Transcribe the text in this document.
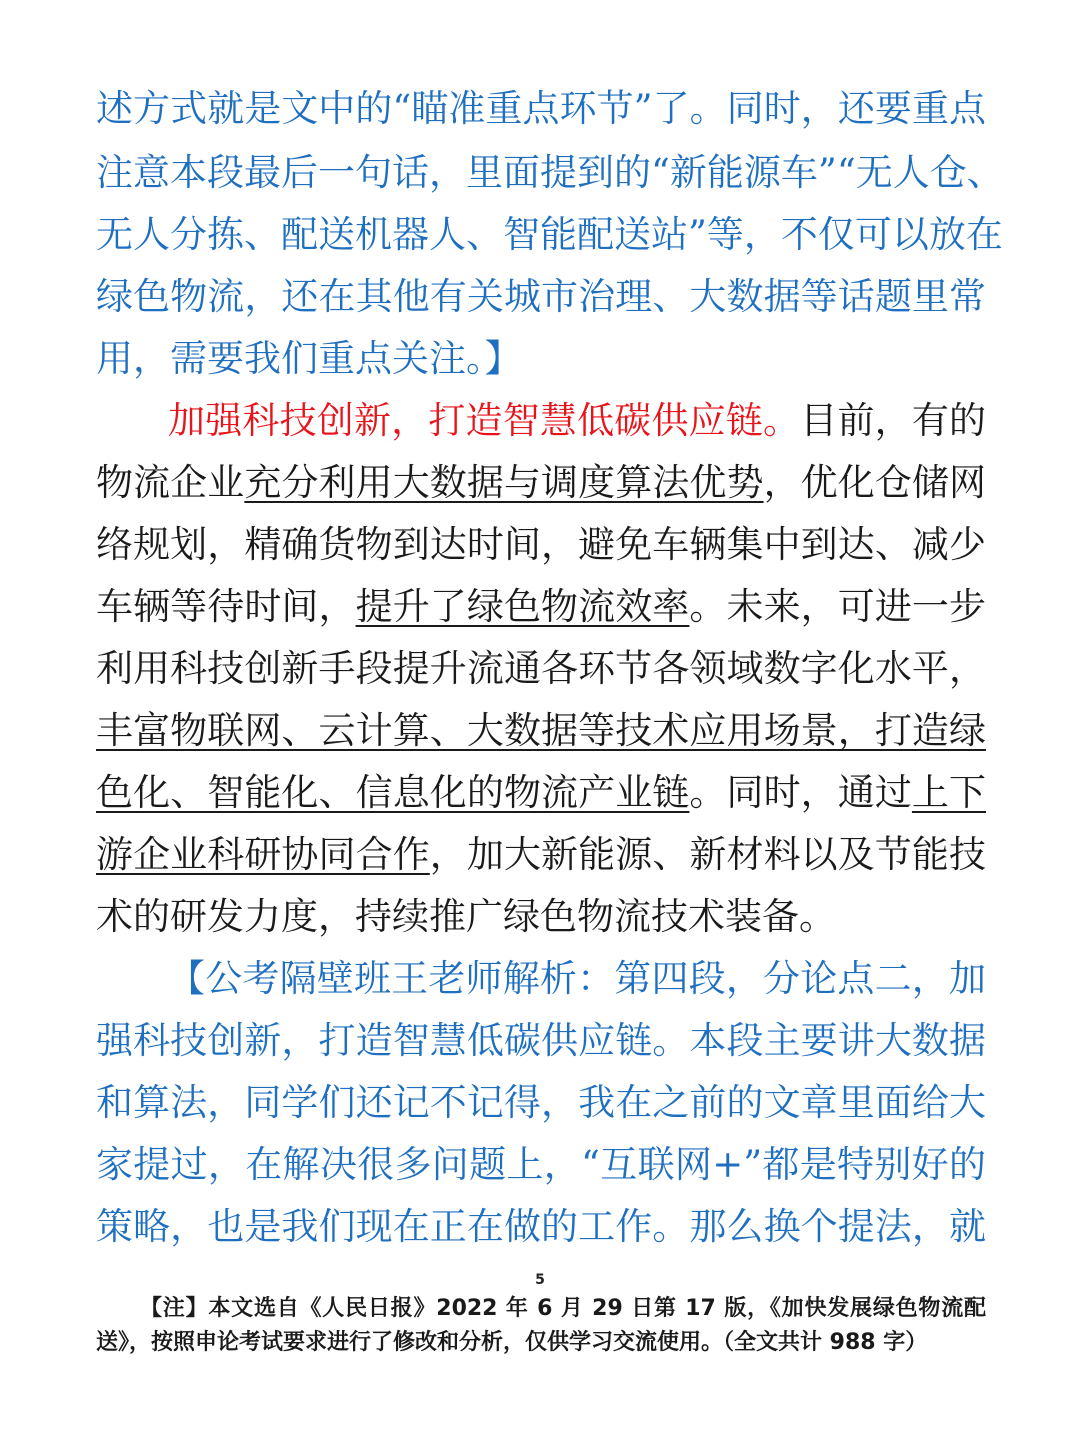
述方式就是文中的“瞄准重点环节”了。同时，还要重点

注意本段最后一句话，里面提到的“新能源车”“无人仓、

无人分拣、配送机器人、智能配送站”等，不仅可以放在

绿色物流，还在其他有关城市治理、大数据等话题里常

用，需要我们重点关注。】

加强科技创新，打造智慧低碳供应链。目前，有的

物流企业充分利用大数据与调度算法优势，优化仓储网

络规划，精确货物到达时间，避免车辆集中到达、减少

车辆等待时间，提升了绿色物流效率。未来，可进一步

利用科技创新手段提升流通各环节各领域数字化水平，

丰富物联网、云计算、大数据等技术应用场景，打造绿

色化、智能化、信息化的物流产业链。同时，通过上下

游企业科研协同合作，加大新能源、新材料以及节能技

术的研发力度，持续推广绿色物流技术装备。

【公考隔壁班王老师解析：第四段，分论点二，加

强科技创新，打造智慧低碳供应链。本段主要讲大数据

和算法，同学们还记不记得，我在之前的文章里面给大

家提过，在解决很多问题上，“互联网+”都是特别好的

策略，也是我们现在正在做的工作。那么换个提法，就

5

【注】本文选自《人民日报》2022 年 6 月 29 日第 17 版，《加快发展绿色物流配

送》，按照申论考试要求进行了修改和分析，仅供学习交流使用。（全文共计 988 字）
